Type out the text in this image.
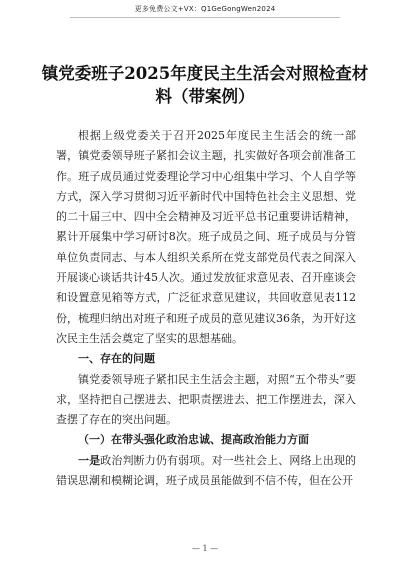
更多免费公文+VX：Q1GeGongWen2024
镇党委班子2025年度民主生活会对照检查材料（带案例）

根据上级党委关于召开2025年度民主生活会的统一部署，镇党委领导班子紧扣会议主题，扎实做好各项会前准备工作。班子成员通过党委理论学习中心组集中学习、个人自学等方式，深入学习贯彻习近平新时代中国特色社会主义思想、党的二十届三中、四中全会精神及习近平总书记重要讲话精神，累计开展集中学习研讨8次。班子成员之间、班子成员与分管单位负责同志、与本人组织关系所在党支部党员代表之间深入开展谈心谈话共计45人次。通过发放征求意见表、召开座谈会和设置意见箱等方式，广泛征求意见建议，共回收意见表112份，梳理归纳出对班子和班子成员的意见建议36条，为开好这次民主生活会奠定了坚实的思想基础。

一、存在的问题

镇党委领导班子紧扣民主生活会主题，对照“五个带头”要求，坚持把自己摆进去、把职责摆进去、把工作摆进去，深入查摆了存在的突出问题。

（一）在带头强化政治忠诚、提高政治能力方面

一是政治判断力仍有弱项。对一些社会上、网络上出现的错误思潮和模糊论调，班子成员虽能做到不信不传，但在公开

— 1 —
